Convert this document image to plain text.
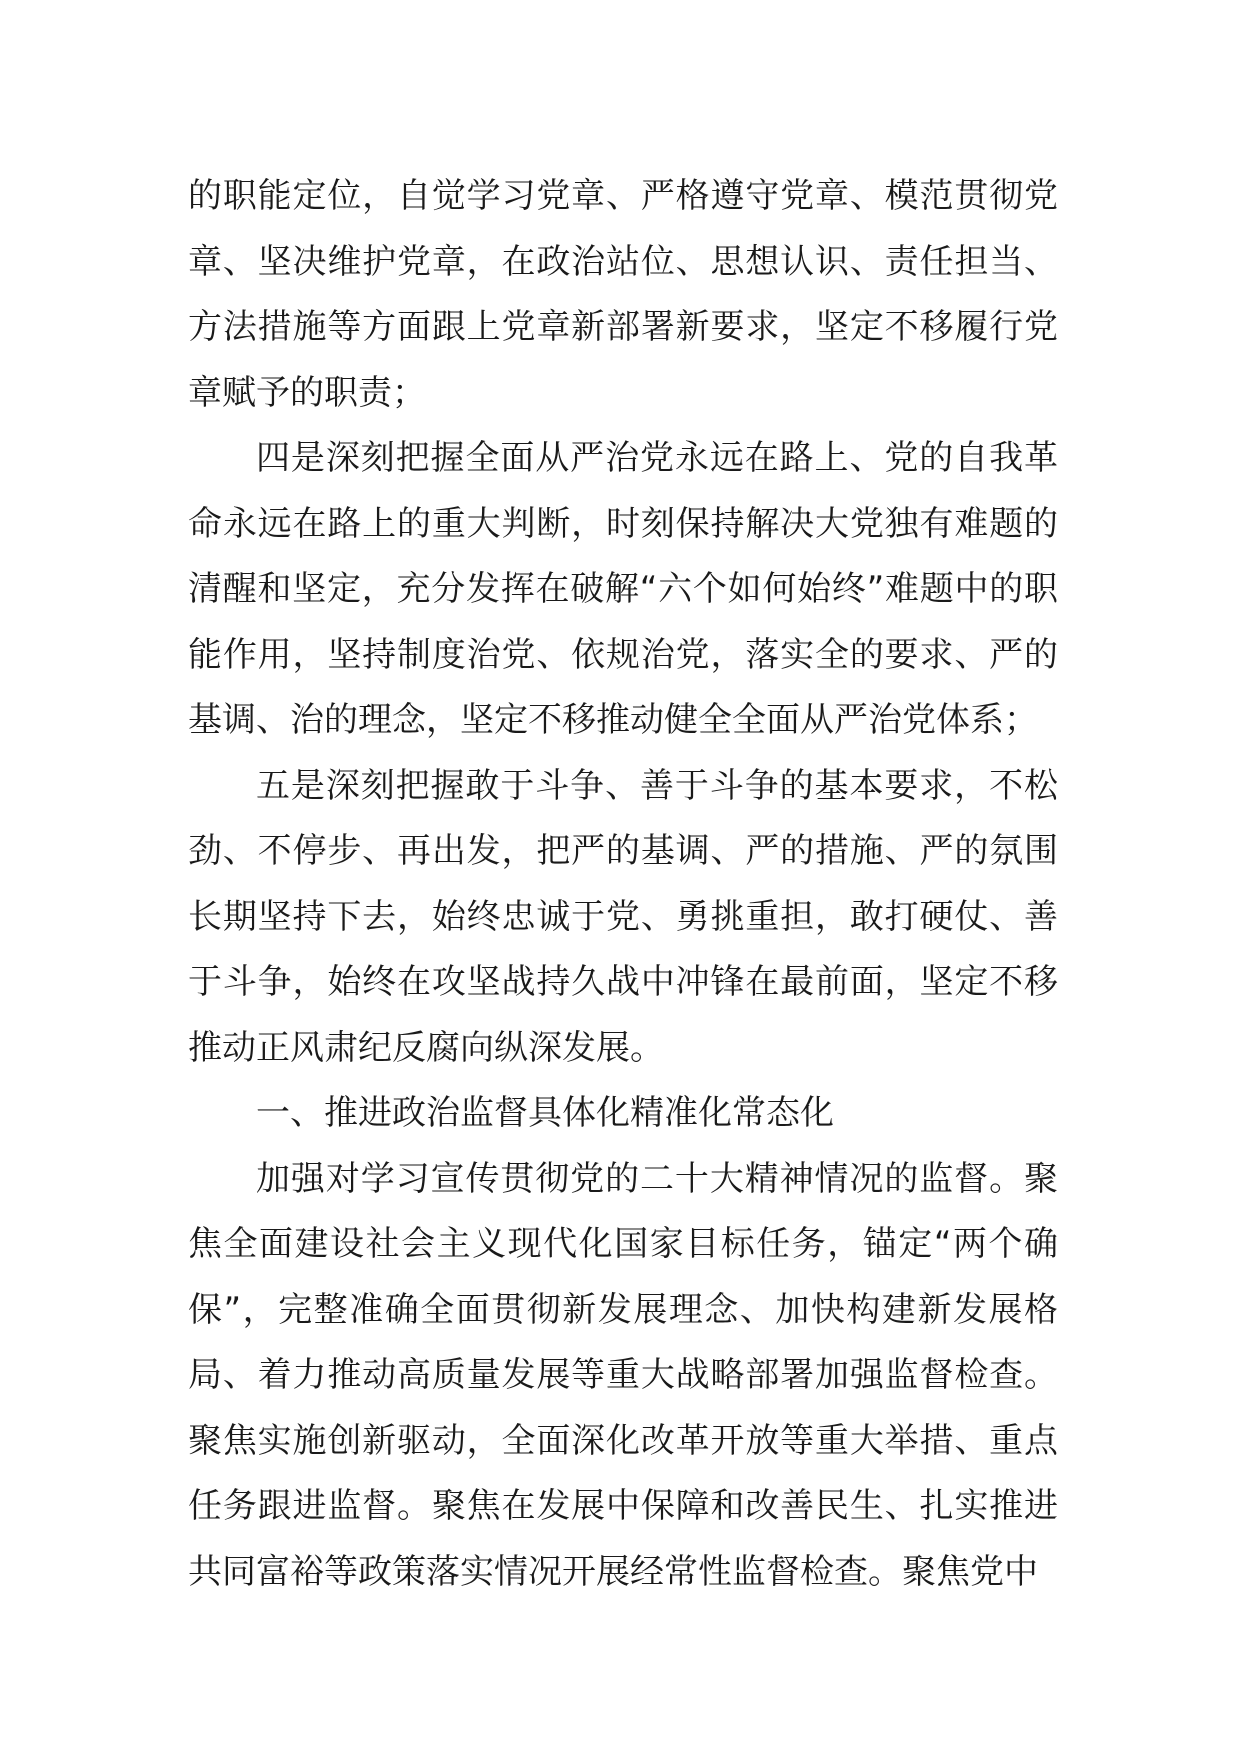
的职能定位，自觉学习党章、严格遵守党章、模范贯彻党章、坚决维护党章，在政治站位、思想认识、责任担当、方法措施等方面跟上党章新部署新要求，坚定不移履行党章赋予的职责；

四是深刻把握全面从严治党永远在路上、党的自我革命永远在路上的重大判断，时刻保持解决大党独有难题的清醒和坚定，充分发挥在破解“六个如何始终”难题中的职能作用，坚持制度治党、依规治党，落实全的要求、严的基调、治的理念，坚定不移推动健全全面从严治党体系；

五是深刻把握敢于斗争、善于斗争的基本要求，不松劲、不停步、再出发，把严的基调、严的措施、严的氛围长期坚持下去，始终忠诚于党、勇挑重担，敢打硬仗、善于斗争，始终在攻坚战持久战中冲锋在最前面，坚定不移推动正风肃纪反腐向纵深发展。

一、推进政治监督具体化精准化常态化

加强对学习宣传贯彻党的二十大精神情况的监督。聚焦全面建设社会主义现代化国家目标任务，锚定“两个确保”，完整准确全面贯彻新发展理念、加快构建新发展格局、着力推动高质量发展等重大战略部署加强监督检查。聚焦实施创新驱动，全面深化改革开放等重大举措、重点任务跟进监督。聚焦在发展中保障和改善民生、扎实推进共同富裕等政策落实情况开展经常性监督检查。聚焦党中
